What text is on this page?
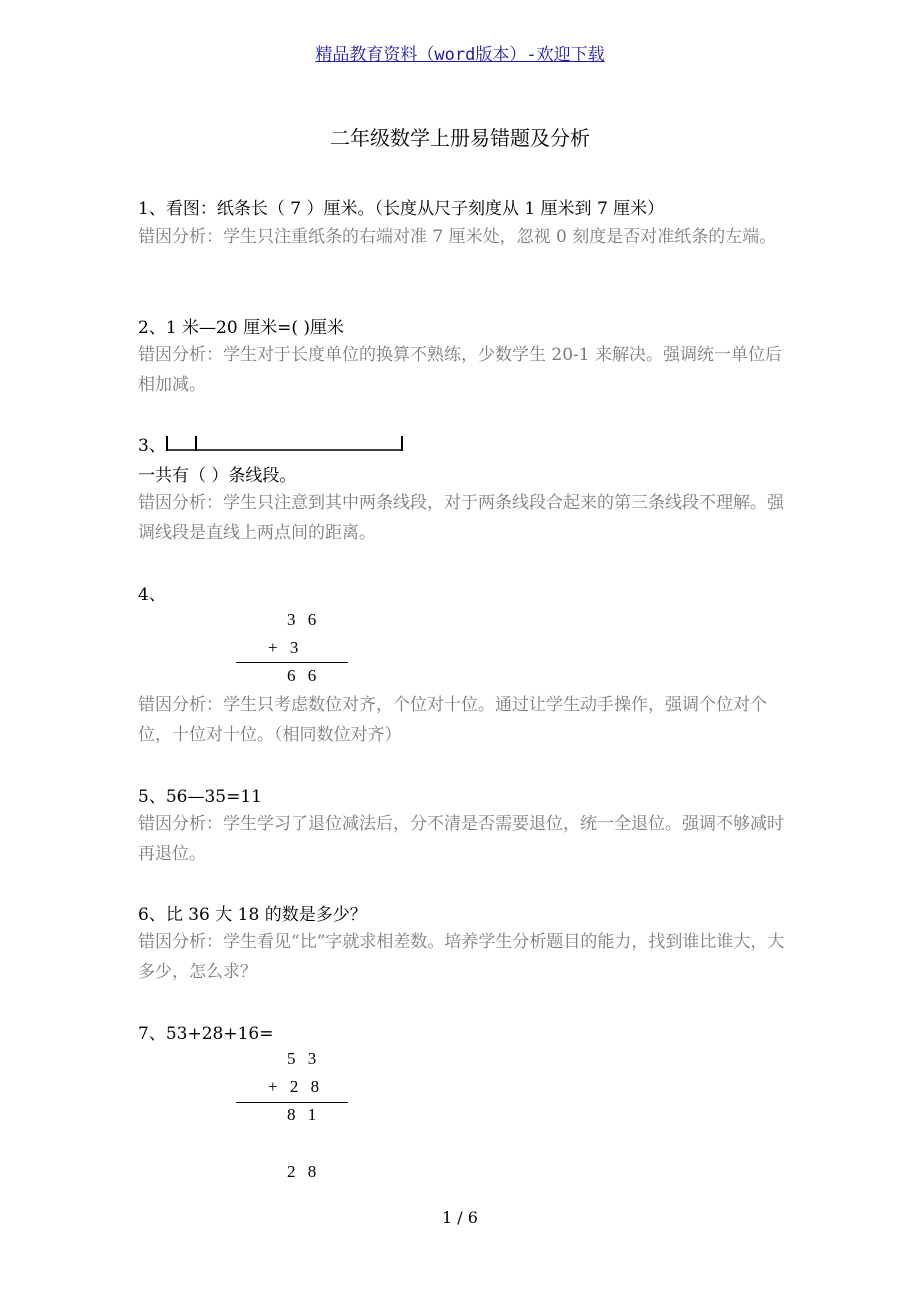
精品教育资料（word版本）-欢迎下载
二年级数学上册易错题及分析
1、看图：纸条长（ 7 ）厘米。（长度从尺子刻度从 1 厘米到 7 厘米）
错因分析：学生只注重纸条的右端对准 7 厘米处，忽视 0 刻度是否对准纸条的左端。
2、1 米—20 厘米=( )厘米
错因分析：学生对于长度单位的换算不熟练，少数学生 20-1 来解决。强调统一单位后相加减。
3、
一共有（ ）条线段。
错因分析：学生只注意到其中两条线段，对于两条线段合起来的第三条线段不理解。强调线段是直线上两点间的距离。
4、
3 6
+ 3
6 6
错因分析：学生只考虑数位对齐，个位对十位。通过让学生动手操作，强调个位对个位，十位对十位。（相同数位对齐）
5、56—35=11
错因分析：学生学习了退位减法后，分不清是否需要退位，统一全退位。强调不够减时再退位。
6、比 36 大 18 的数是多少？
错因分析：学生看见“比”字就求相差数。培养学生分析题目的能力，找到谁比谁大，大多少，怎么求？
7、53+28+16=
5 3
+ 2 8
8 1
2 8
1 / 6
